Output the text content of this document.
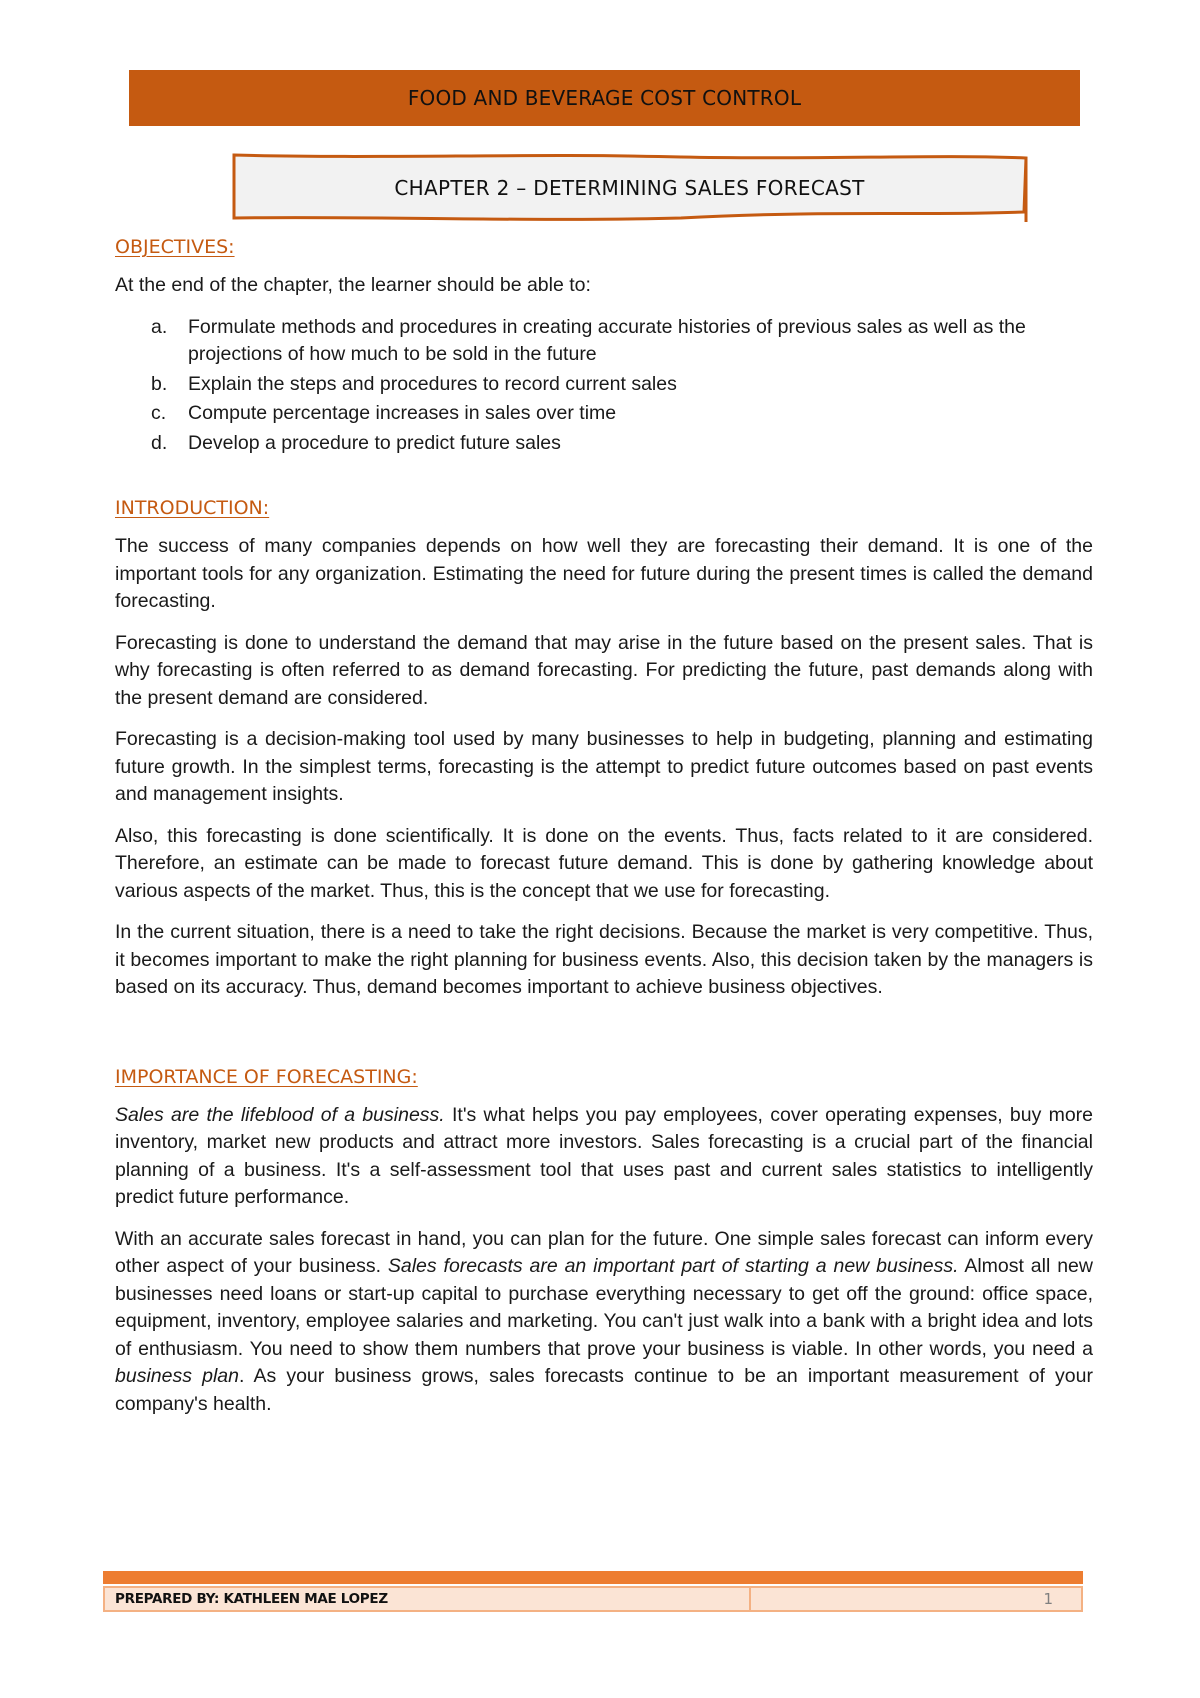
FOOD AND BEVERAGE COST CONTROL
CHAPTER 2 – DETERMINING SALES FORECAST
OBJECTIVES:
At the end of the chapter, the learner should be able to:
a. Formulate methods and procedures in creating accurate histories of previous sales as well as the projections of how much to be sold in the future
b. Explain the steps and procedures to record current sales
c. Compute percentage increases in sales over time
d. Develop a procedure to predict future sales
INTRODUCTION:
The success of many companies depends on how well they are forecasting their demand. It is one of the important tools for any organization. Estimating the need for future during the present times is called the demand forecasting.
Forecasting is done to understand the demand that may arise in the future based on the present sales. That is why forecasting is often referred to as demand forecasting. For predicting the future, past demands along with the present demand are considered.
Forecasting is a decision-making tool used by many businesses to help in budgeting, planning and estimating future growth. In the simplest terms, forecasting is the attempt to predict future outcomes based on past events and management insights.
Also, this forecasting is done scientifically. It is done on the events. Thus, facts related to it are considered. Therefore, an estimate can be made to forecast future demand. This is done by gathering knowledge about various aspects of the market. Thus, this is the concept that we use for forecasting.
In the current situation, there is a need to take the right decisions. Because the market is very competitive. Thus, it becomes important to make the right planning for business events. Also, this decision taken by the managers is based on its accuracy. Thus, demand becomes important to achieve business objectives.
IMPORTANCE OF FORECASTING:
Sales are the lifeblood of a business. It's what helps you pay employees, cover operating expenses, buy more inventory, market new products and attract more investors. Sales forecasting is a crucial part of the financial planning of a business. It's a self-assessment tool that uses past and current sales statistics to intelligently predict future performance.
With an accurate sales forecast in hand, you can plan for the future. One simple sales forecast can inform every other aspect of your business. Sales forecasts are an important part of starting a new business. Almost all new businesses need loans or start-up capital to purchase everything necessary to get off the ground: office space, equipment, inventory, employee salaries and marketing. You can't just walk into a bank with a bright idea and lots of enthusiasm. You need to show them numbers that prove your business is viable. In other words, you need a business plan. As your business grows, sales forecasts continue to be an important measurement of your company's health.
PREPARED BY: KATHLEEN MAE LOPEZ	1
